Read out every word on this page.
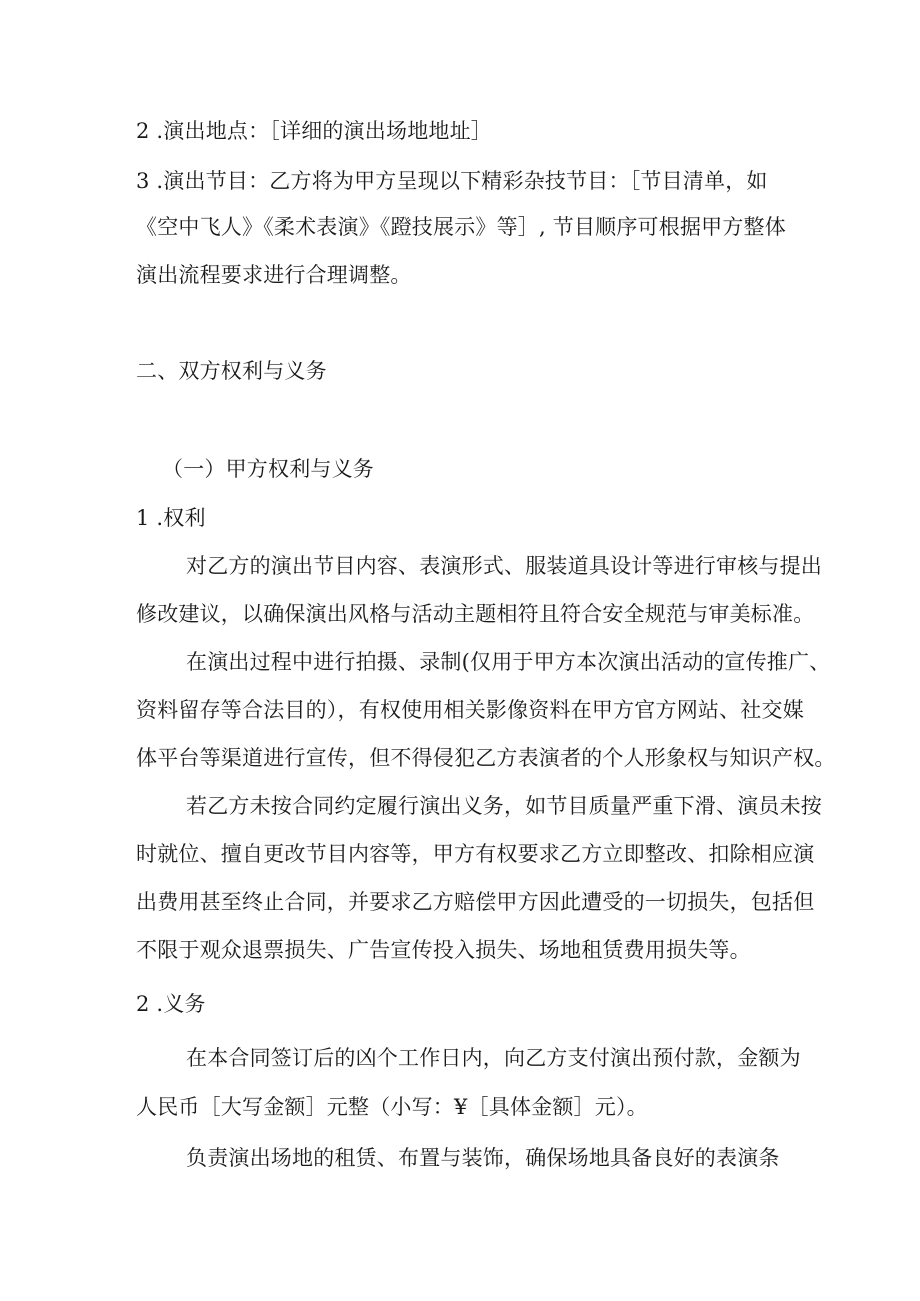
2 .演出地点：［详细的演出场地地址］
3 .演出节目：乙方将为甲方呈现以下精彩杂技节目：［节目清单，如
《空中飞人》《柔术表演》《蹬技展示》等］, 节目顺序可根据甲方整体
演出流程要求进行合理调整。
二、双方权利与义务
（一）甲方权利与义务
1 .权利
对乙方的演出节目内容、表演形式、服装道具设计等进行审核与提出
修改建议，以确保演出风格与活动主题相符且符合安全规范与审美标准。
在演出过程中进行拍摄、录制(仅用于甲方本次演出活动的宣传推广、
资料留存等合法目的），有权使用相关影像资料在甲方官方网站、社交媒
体平台等渠道进行宣传，但不得侵犯乙方表演者的个人形象权与知识产权。
若乙方未按合同约定履行演出义务，如节目质量严重下滑、演员未按
时就位、擅自更改节目内容等，甲方有权要求乙方立即整改、扣除相应演
出费用甚至终止合同，并要求乙方赔偿甲方因此遭受的一切损失，包括但
不限于观众退票损失、广告宣传投入损失、场地租赁费用损失等。
2 .义务
在本合同签订后的凶个工作日内，向乙方支付演出预付款，金额为
人民币［大写金额］元整（小写：¥［具体金额］元）。
负责演出场地的租赁、布置与装饰，确保场地具备良好的表演条
